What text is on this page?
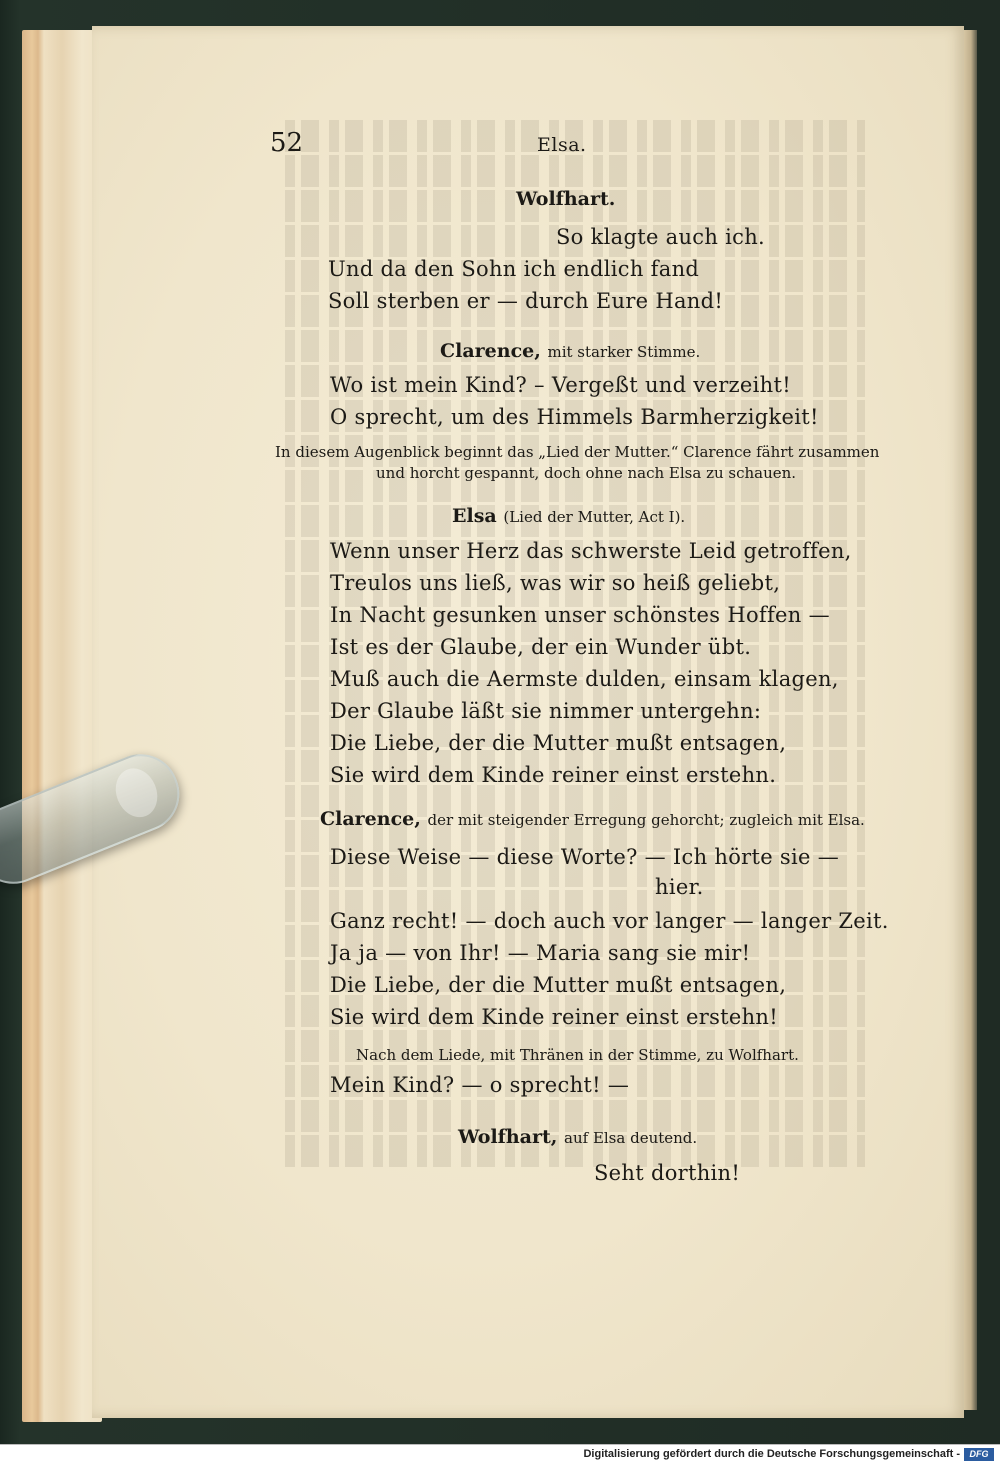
52	Elsa.
Wolfhart.
So klagte auch ich.
Und da den Sohn ich endlich fand
Soll sterben er — durch Eure Hand!
Clarence, mit starker Stimme.
Wo ist mein Kind? – Vergeßt und verzeiht!
O sprecht, um des Himmels Barmherzigkeit!
In diesem Augenblick beginnt das „Lied der Mutter.“ Clarence fährt zusammen
und horcht gespannt, doch ohne nach Elsa zu schauen.
Elsa (Lied der Mutter, Act I).
Wenn unser Herz das schwerste Leid getroffen,
Treulos uns ließ, was wir so heiß geliebt,
In Nacht gesunken unser schönstes Hoffen —
Ist es der Glaube, der ein Wunder übt.
Muß auch die Aermste dulden, einsam klagen,
Der Glaube läßt sie nimmer untergehn:
Die Liebe, der die Mutter mußt entsagen,
Sie wird dem Kinde reiner einst erstehn.
Clarence, der mit steigender Erregung gehorcht; zugleich mit Elsa.
Diese Weise — diese Worte? — Ich hörte sie —
hier.
Ganz recht! — doch auch vor langer — langer Zeit.
Ja ja — von Ihr! — Maria sang sie mir!
Die Liebe, der die Mutter mußt entsagen,
Sie wird dem Kinde reiner einst erstehn!
Nach dem Liede, mit Thränen in der Stimme, zu Wolfhart.
Mein Kind? — o sprecht! —
Wolfhart, auf Elsa deutend.
Seht dorthin!
Digitalisierung gefördert durch die Deutsche Forschungsgemeinschaft -	DFG
